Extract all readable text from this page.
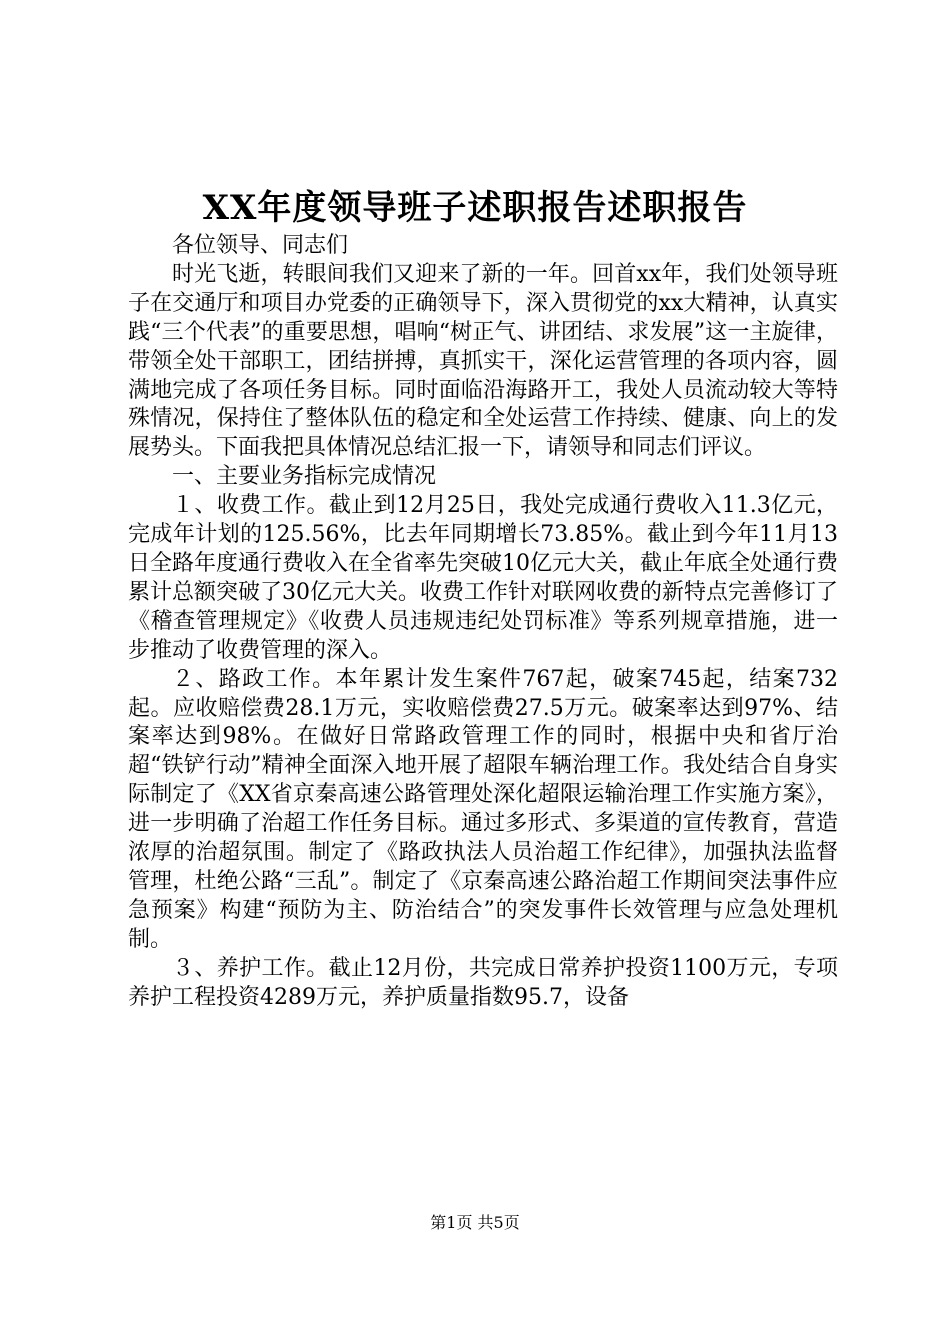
XX年度领导班子述职报告述职报告

各位领导、同志们

时光飞逝，转眼间我们又迎来了新的一年。回首xx年，我们处领导班子在交通厅和项目办党委的正确领导下，深入贯彻党的xx大精神，认真实践“三个代表”的重要思想，唱响“树正气、讲团结、求发展”这一主旋律，带领全处干部职工，团结拼搏，真抓实干，深化运营管理的各项内容，圆满地完成了各项任务目标。同时面临沿海路开工，我处人员流动较大等特殊情况，保持住了整体队伍的稳定和全处运营工作持续、健康、向上的发展势头。下面我把具体情况总结汇报一下，请领导和同志们评议。

一、主要业务指标完成情况

１、收费工作。截止到12月25日，我处完成通行费收入11.3亿元，完成年计划的125.56%，比去年同期增长73.85%。截止到今年11月13日全路年度通行费收入在全省率先突破10亿元大关，截止年底全处通行费累计总额突破了30亿元大关。收费工作针对联网收费的新特点完善修订了《稽查管理规定》《收费人员违规违纪处罚标准》等系列规章措施，进一步推动了收费管理的深入。

２、路政工作。本年累计发生案件767起，破案745起，结案732起。应收赔偿费28.1万元，实收赔偿费27.5万元。破案率达到97%、结案率达到98%。在做好日常路政管理工作的同时，根据中央和省厅治超“铁铲行动”精神全面深入地开展了超限车辆治理工作。我处结合自身实际制定了《XX省京秦高速公路管理处深化超限运输治理工作实施方案》，进一步明确了治超工作任务目标。通过多形式、多渠道的宣传教育，营造浓厚的治超氛围。制定了《路政执法人员治超工作纪律》，加强执法监督管理，杜绝公路“三乱”。制定了《京秦高速公路治超工作期间突法事件应急预案》构建“预防为主、防治结合”的突发事件长效管理与应急处理机制。

３、养护工作。截止12月份，共完成日常养护投资1100万元，专项养护工程投资4289万元，养护质量指数95.7，设备

第1页 共5页
